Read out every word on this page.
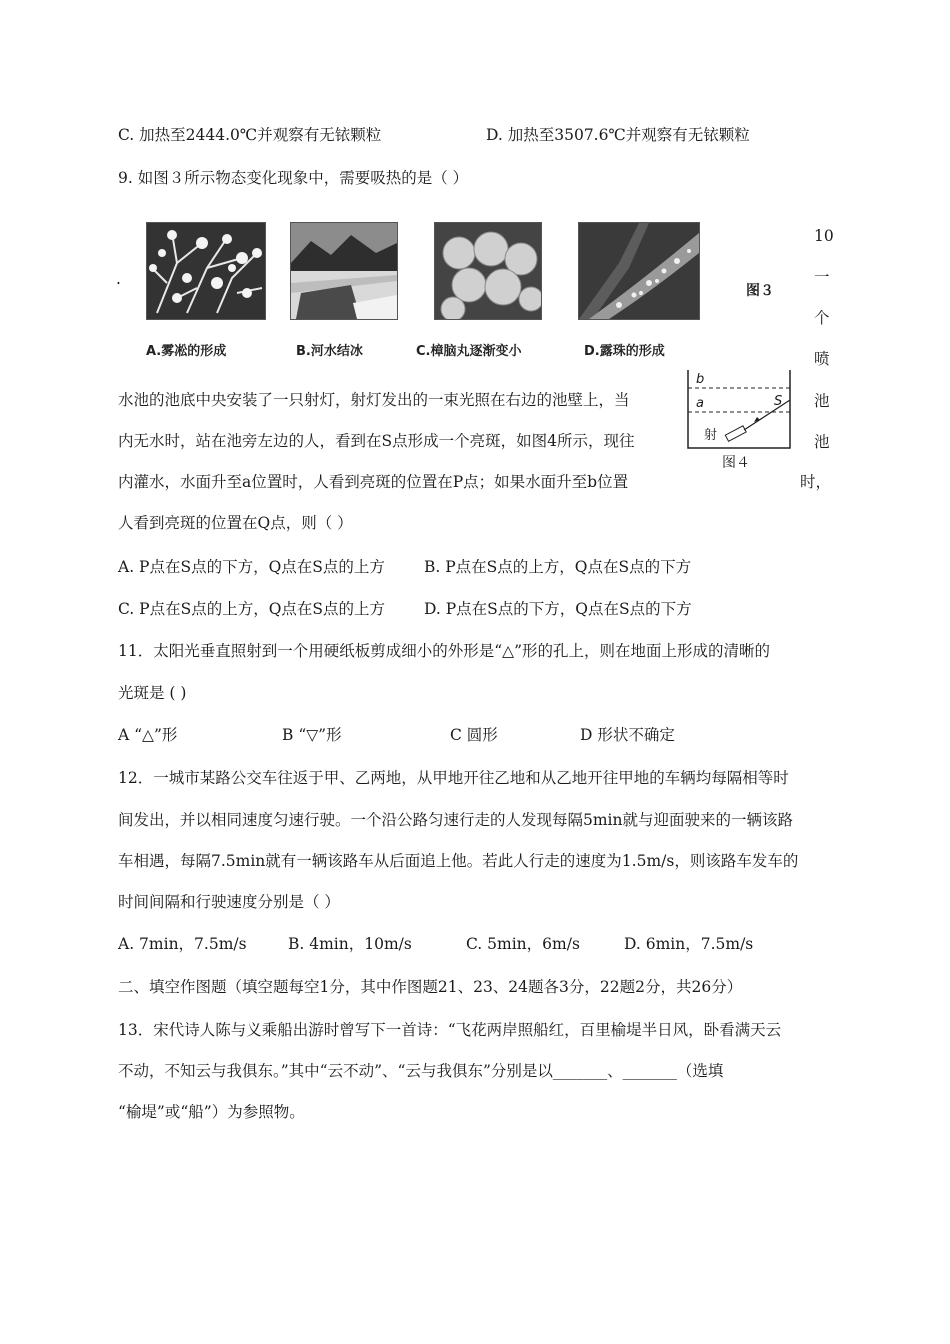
C. 加热至2444.0℃并观察有无铱颗粒	D. 加热至3507.6℃并观察有无铱颗粒
9. 如图３所示物态变化现象中，需要吸热的是（ ）
.
图３
A.雾凇的形成	B.河水结冰	C.樟脑丸逐渐变小	D.露珠的形成
10
一
个
喷
池
池
水池的池底中央安装了一只射灯，射灯发出的一束光照在右边的池壁上，当
内无水时，站在池旁左边的人，看到在S点形成一个亮斑，如图4所示，现往
内灌水，水面升至a位置时，人看到亮斑的位置在P点；如果水面升至b位置	时，
人看到亮斑的位置在Q点，则（ ）
b
a	S
射
图４
A. P点在S点的下方，Q点在S点的上方	B. P点在S点的上方，Q点在S点的下方
C. P点在S点的上方，Q点在S点的上方	D. P点在S点的下方，Q点在S点的下方
11．太阳光垂直照射到一个用硬纸板剪成细小的外形是“△”形的孔上，则在地面上形成的清晰的
光斑是 ( )
A “△”形	B “▽”形	C 圆形	D 形状不确定
12．一城市某路公交车往返于甲、乙两地，从甲地开往乙地和从乙地开往甲地的车辆均每隔相等时
间发出，并以相同速度匀速行驶。一个沿公路匀速行走的人发现每隔5min就与迎面驶来的一辆该路
车相遇，每隔7.5min就有一辆该路车从后面追上他。若此人行走的速度为1.5m/s，则该路车发车的
时间间隔和行驶速度分别是（ ）
A. 7min，7.5m/s	B. 4min，10m/s	C. 5min，6m/s	D. 6min，7.5m/s
二、填空作图题（填空题每空1分，其中作图题21、23、24题各3分，22题2分，共26分）
13．宋代诗人陈与义乘船出游时曾写下一首诗：“飞花两岸照船红，百里榆堤半日风，卧看满天云
不动，不知云与我俱东。”其中“云不动”、“云与我俱东”分别是以_______、_______（选填
“榆堤”或“船”）为参照物。
